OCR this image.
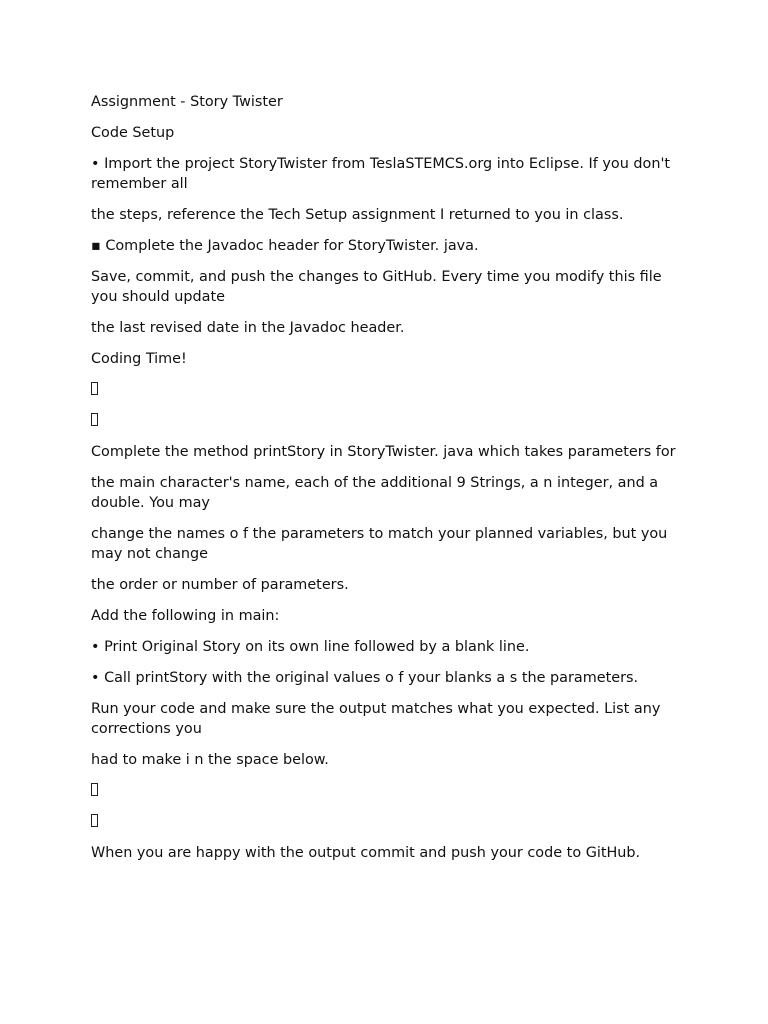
Assignment - Story Twister

Code Setup

• Import the project StoryTwister from TeslaSTEMCS.org into Eclipse. If you don't remember all

the steps, reference the Tech Setup assignment I returned to you in class.

▪ Complete the Javadoc header for StoryTwister. java.

Save, commit, and push the changes to GitHub. Every time you modify this file you should update

the last revised date in the Javadoc header.

Coding Time!

Complete the method printStory in StoryTwister. java which takes parameters for

the main character's name, each of the additional 9 Strings, a n integer, and a double. You may

change the names o f the parameters to match your planned variables, but you may not change

the order or number of parameters.

Add the following in main:

• Print Original Story on its own line followed by a blank line.

• Call printStory with the original values o f your blanks a s the parameters.

Run your code and make sure the output matches what you expected. List any corrections you

had to make i n the space below.

When you are happy with the output commit and push your code to GitHub.
